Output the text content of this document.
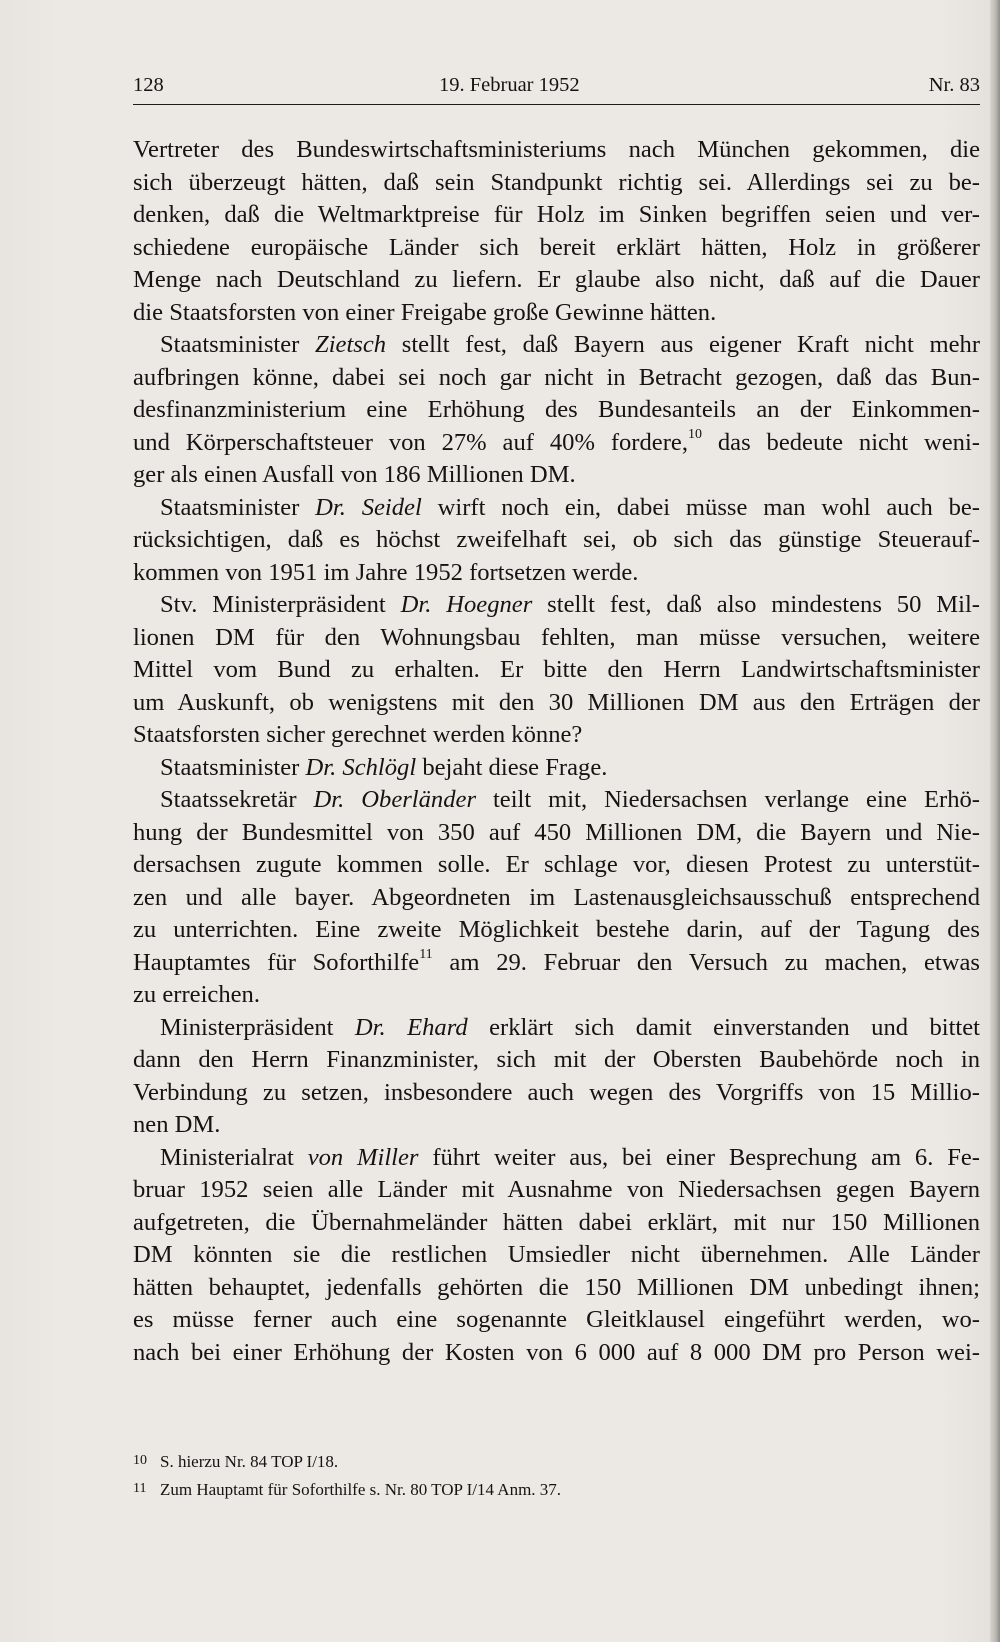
128	19. Februar 1952	Nr. 83
Vertreter des Bundeswirtschaftsministeriums nach München gekommen, die
sich überzeugt hätten, daß sein Standpunkt richtig sei. Allerdings sei zu be-
denken, daß die Weltmarktpreise für Holz im Sinken begriffen seien und ver-
schiedene europäische Länder sich bereit erklärt hätten, Holz in größerer
Menge nach Deutschland zu liefern. Er glaube also nicht, daß auf die Dauer
die Staatsforsten von einer Freigabe große Gewinne hätten.
Staatsminister Zietsch stellt fest, daß Bayern aus eigener Kraft nicht mehr
aufbringen könne, dabei sei noch gar nicht in Betracht gezogen, daß das Bun-
desfinanzministerium eine Erhöhung des Bundesanteils an der Einkommen-
und Körperschaftsteuer von 27% auf 40% fordere,$^{10}$ das bedeute nicht weni-
ger als einen Ausfall von 186 Millionen DM.
Staatsminister Dr. Seidel wirft noch ein, dabei müsse man wohl auch be-
rücksichtigen, daß es höchst zweifelhaft sei, ob sich das günstige Steuerauf-
kommen von 1951 im Jahre 1952 fortsetzen werde.
Stv. Ministerpräsident Dr. Hoegner stellt fest, daß also mindestens 50 Mil-
lionen DM für den Wohnungsbau fehlten, man müsse versuchen, weitere
Mittel vom Bund zu erhalten. Er bitte den Herrn Landwirtschaftsminister
um Auskunft, ob wenigstens mit den 30 Millionen DM aus den Erträgen der
Staatsforsten sicher gerechnet werden könne?
Staatsminister Dr. Schlögl bejaht diese Frage.
Staatssekretär Dr. Oberländer teilt mit, Niedersachsen verlange eine Erhö-
hung der Bundesmittel von 350 auf 450 Millionen DM, die Bayern und Nie-
dersachsen zugute kommen solle. Er schlage vor, diesen Protest zu unterstüt-
zen und alle bayer. Abgeordneten im Lastenausgleichsausschuß entsprechend
zu unterrichten. Eine zweite Möglichkeit bestehe darin, auf der Tagung des
Hauptamtes für Soforthilfe$^{11}$ am 29. Februar den Versuch zu machen, etwas
zu erreichen.
Ministerpräsident Dr. Ehard erklärt sich damit einverstanden und bittet
dann den Herrn Finanzminister, sich mit der Obersten Baubehörde noch in
Verbindung zu setzen, insbesondere auch wegen des Vorgriffs von 15 Millio-
nen DM.
Ministerialrat von Miller führt weiter aus, bei einer Besprechung am 6. Fe-
bruar 1952 seien alle Länder mit Ausnahme von Niedersachsen gegen Bayern
aufgetreten, die Übernahmeländer hätten dabei erklärt, mit nur 150 Millionen
DM könnten sie die restlichen Umsiedler nicht übernehmen. Alle Länder
hätten behauptet, jedenfalls gehörten die 150 Millionen DM unbedingt ihnen;
es müsse ferner auch eine sogenannte Gleitklausel eingeführt werden, wo-
nach bei einer Erhöhung der Kosten von 6 000 auf 8 000 DM pro Person wei-
10 S. hierzu Nr. 84 TOP I/18.
11 Zum Hauptamt für Soforthilfe s. Nr. 80 TOP I/14 Anm. 37.
